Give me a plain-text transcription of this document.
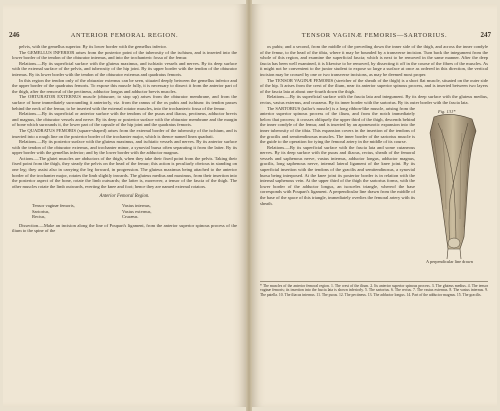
246	ANTERIOR FEMORAL REGION.

pelvis, with the gemellus superior. By its lower border with the gemellus inferior.

The GEMELLUS INFERIOR arises from the posterior point of the tuberosity of the ischium, and is inserted into the lower border of the tendon of the obturator internus, and into the trochanteric fossa of the femur.

Relations.—By its superficial surface with the gluteus maximus, and ischiatic vessels and nerves. By its deep surface with the external surface of the pelvis, and tuberosity of the hip joint. By its upper border with the tendon of the obturator internus. By its lower border with the tendon of the obturator externus and quadratus femoris.

In this region the tendon only of the obturator externus can be seen, situated deeply between the gemellus inferior and the upper border of the quadratus femoris. To expose this muscle fully, it is necessary to dissect it from the anterior part of the thigh, after the removal of the pectineus, adductor longus and adductor brevis muscles.

The OBTURATOR EXTERNUS muscle (obturare, to stop up) arises from the obturator membrane, and from the surface of bone immediately surrounding it anteriorly, viz. from the ramus of the os pubis and ischium: its tendon passes behind the neck of the femur, to be inserted with the external rotator muscles, into the trochanteric fossa of the femur.

Relations.—By its superficial or anterior surface with the tendons of the psoas and iliacus, pectineus, adductor brevis and magnus, the obturator vessels and nerve. By its deep or posterior surface with the obturator membrane and the margin of bone which surrounds it, the lower part of the capsule of the hip joint and the quadratus femoris.

The QUADRATUS FEMORIS (square-shaped) arises from the external border of the tuberosity of the ischium, and is inserted into a rough line on the posterior border of the trochanter major, which is thence named linea quadrati.

Relations.—By its posterior surface with the gluteus maximus, and ischiatic vessels and nerves. By its anterior surface with the tendon of the obturator externus, and trochanter minor, a synovial bursa often separating it from the latter. By its upper border with the gemellus inferior; and by the lower border with the adductor magnus.

Actions.—The glutei muscles are abductors of the thigh, when they take their fixed point from the pelvis. Taking their fixed point from the thigh, they steady the pelvis on the head of the femur; this action is peculiarly obvious in standing on one leg; they assist also in carrying the leg forward, in progression. The gluteus maximus being attached to the anterior border of the trochanter major, rotates the limb slightly inwards. The gluteus medius and maximus, from their insertion into the posterior aspect of the bone, rotate the limb outwards; the latter is, moreover, a tensor of the fascia of the thigh. The other muscles rotate the limb outwards, everting the knee and foot; hence they are named external rotators.

Anterior Femoral Region.
Tensor vaginæ femoris,	Vastus internus,
Sartorius,	Vastus externus,
Rectus,	Cruræus.

Dissection.—Make an incision along the line of Poupart's ligament, from the anterior superior spinous process of the ilium to the spine of the

TENSOR VAGINÆ FEMORIS—SARTORIUS.	247

os pubis; and a second, from the middle of the preceding down the inner side of the thigh, and across the inner condyle of the femur, to the head of the tibia, where it may be bounded by a transverse incision. Turn back the integument from the whole of this region, and examine the superficial fascia; which is next to be removed in the same manner. After the deep fascia has been well examined, it is likewise to be removed, by dissecting it off in the course of the fibres of the muscles. As it might not be convenient to the junior student to expose so large a surface at once as ordered in this direction, the vertical incision may be crossed by one or two transverse incisions, as may be deemed most proper.

The TENSOR VAGINÆ FEMORIS (stretcher of the sheath of the thigh) is a short flat muscle, situated on the outer side of the hip. It arises from the crest of the ilium, near its anterior superior spinous process, and is inserted between two layers of the fascia lata at about one-fourth down the thigh.

Relations.—By its superficial surface with the fascia lata and integument. By its deep surface with the gluteus medius, rectus, vastus externus, and crurаeus. By its inner border with the sartorius. By its outer border with the fascia lata.

Fig. 131*
A perpendicular line drawn

The SARTORIUS (tailor's muscle) is a long ribbon-like muscle, arising from the anterior superior spinous process of the ilium, and from the notch immediately below that process; it crosses obliquely the upper third of the thigh, descends behind the inner condyle of the femur, and is inserted by an aponeurotic expansion into the inner tuberosity of the tibia. This expansion covers in the insertion of the tendons of the gracilis and semitendinosus muscles. The inner border of the sartorius muscle is the guide to the operation for tying the femoral artery in the middle of its course.

Relations.—By its superficial surface with the fascia lata and some cutaneous nerves. By its deep surface with the psoas and iliacus, rectus, sheath of the femoral vessels and saphenous nerve, vastus internus, adductor longus, adductor magnus, gracilis, long saphenous nerve, internal lateral ligament of the knee joint. By its superficial insertion with the tendons of the gracilis and semitendinosus, a synovial bursa being interposed. At the knee joint its posterior border is in relation with the internal saphenous vein. At the upper third of the thigh the sartorius forms, with the lower border of the adductor longus, an isosceles triangle, whereof the base corresponds with Poupart's ligament. A perpendicular line drawn from the middle of the base of the space of this triangle, immediately overlies the femoral artery with its sheath.

* The muscles of the anterior femoral region. 1. The crest of the ilium. 2. Its anterior superior spinous process. 3. The gluteus medius. 4. The tensor vaginæ femoris; its insertion into the fascia lata is shown inferiorly. 5. The sartorius. 6. The rectus. 7. The vastus externus. 8. The vastus internus. 9. The patella. 10. The iliacus internus. 11. The psoas. 12. The pectineus. 13. The adductor longus. 14. Part of the adductor magnus. 15. The gracilis.
